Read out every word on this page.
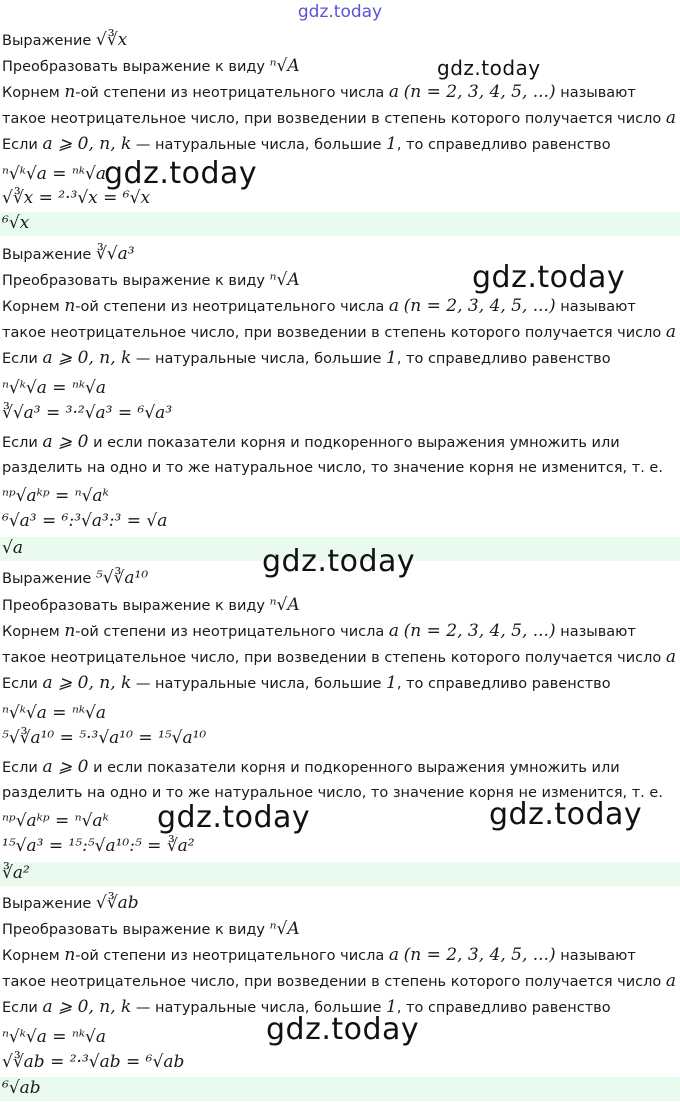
gdz.today
Выражение √∛x
Преобразовать выражение к виду ⁿ√A
Корнем n-ой степени из неотрицательного числа a (n = 2, 3, 4, 5, ...) называют
такое неотрицательное число, при возведении в степень которого получается число a
Если a ⩾ 0, n, k — натуральные числа, большие 1, то справедливо равенство
ⁿ√ᵏ√a = ⁿᵏ√a
√∛x = ²·³√x = ⁶√x
⁶√x
Выражение ∛√a³
Преобразовать выражение к виду ⁿ√A
Корнем n-ой степени из неотрицательного числа a (n = 2, 3, 4, 5, ...) называют
такое неотрицательное число, при возведении в степень которого получается число a
Если a ⩾ 0, n, k — натуральные числа, большие 1, то справедливо равенство
ⁿ√ᵏ√a = ⁿᵏ√a
∛√a³ = ³·²√a³ = ⁶√a³
Если a ⩾ 0 и если показатели корня и подкоренного выражения умножить или
разделить на одно и то же натуральное число, то значение корня не изменится, т. е.
ⁿᵖ√aᵏᵖ = ⁿ√aᵏ
⁶√a³ = ⁶:³√a³:³ = √a
√a
Выражение ⁵√∛a¹⁰
Преобразовать выражение к виду ⁿ√A
Корнем n-ой степени из неотрицательного числа a (n = 2, 3, 4, 5, ...) называют
такое неотрицательное число, при возведении в степень которого получается число a
Если a ⩾ 0, n, k — натуральные числа, большие 1, то справедливо равенство
ⁿ√ᵏ√a = ⁿᵏ√a
⁵√∛a¹⁰ = ⁵·³√a¹⁰ = ¹⁵√a¹⁰
Если a ⩾ 0 и если показатели корня и подкоренного выражения умножить или
разделить на одно и то же натуральное число, то значение корня не изменится, т. е.
ⁿᵖ√aᵏᵖ = ⁿ√aᵏ
¹⁵√a³ = ¹⁵:⁵√a¹⁰:⁵ = ∛a²
∛a²
Выражение √∛ab
Преобразовать выражение к виду ⁿ√A
Корнем n-ой степени из неотрицательного числа a (n = 2, 3, 4, 5, ...) называют
такое неотрицательное число, при возведении в степень которого получается число a
Если a ⩾ 0, n, k — натуральные числа, большие 1, то справедливо равенство
ⁿ√ᵏ√a = ⁿᵏ√a
√∛ab = ²·³√ab = ⁶√ab
⁶√ab
gdz.today
gdz.today
gdz.today
gdz.today
gdz.today	gdz.today
gdz.today
